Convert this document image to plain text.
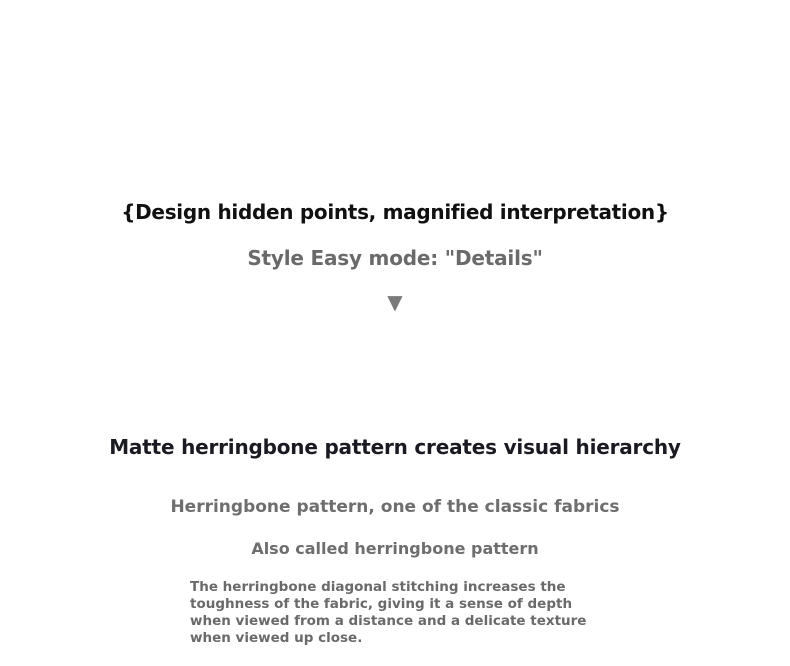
{Design hidden points, magnified interpretation}
Style Easy mode: "Details"
▼
Matte herringbone pattern creates visual hierarchy
Herringbone pattern, one of the classic fabrics
Also called herringbone pattern
The herringbone diagonal stitching increases the toughness of the fabric, giving it a sense of depth when viewed from a distance and a delicate texture when viewed up close.
